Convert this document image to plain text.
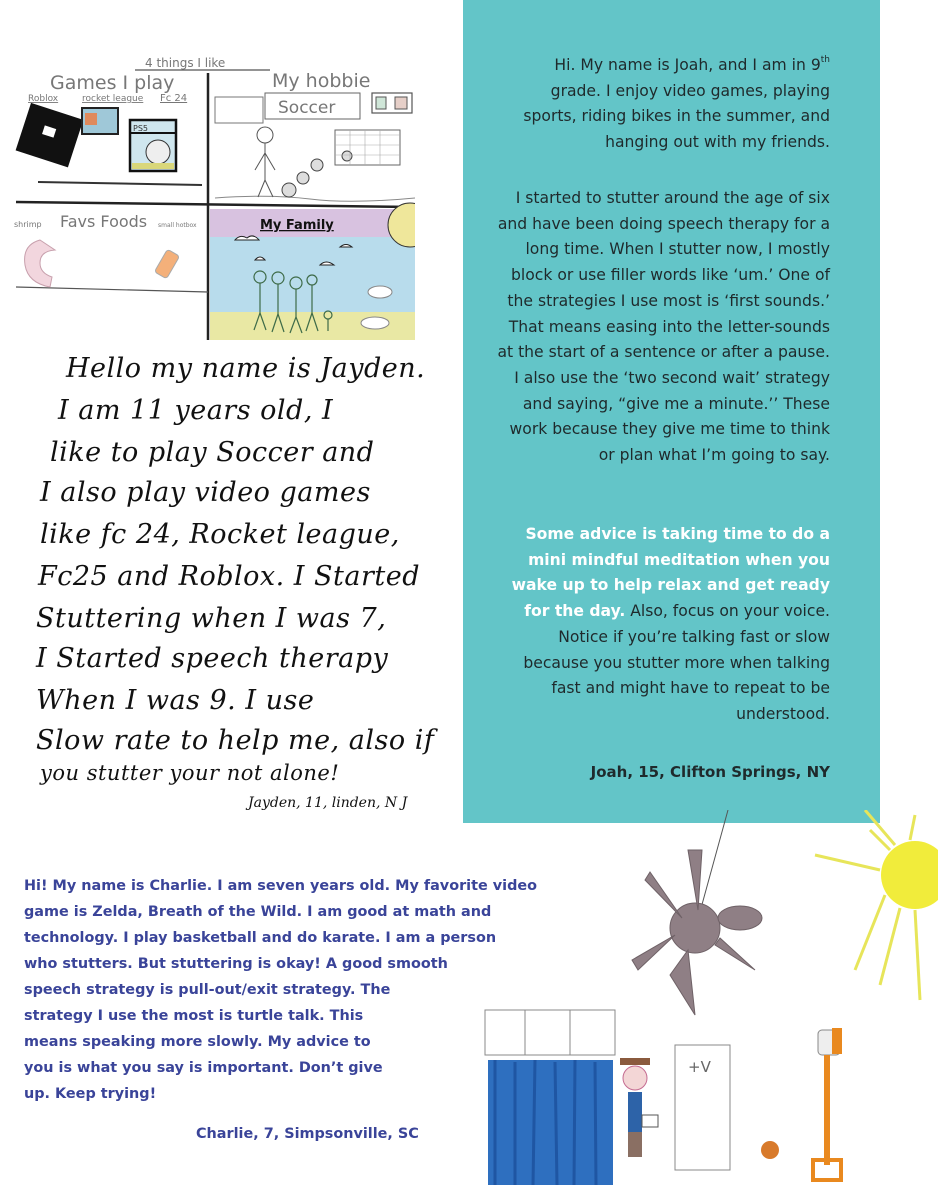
4 things I like
Games I play
Roblox	rocket league Fc 24
PS5
My hobbie
Soccer
shrimp Favs Foods small hotbox	My Family
Hello my name is Jayden.
I am 11 years old, I
like to play Soccer and
I also play video games
like fc 24, Rocket league,
Fc25 and Roblox. I Started
Stuttering when I was 7,
I Started speech therapy
When I was 9. I use
Slow rate to help me, also if
you stutter your not alone!
Jayden, 11, linden, N J
Hi. My name is Joah, and I am in 9th grade. I enjoy video games, playing sports, riding bikes in the summer, and hanging out with my friends.
I started to stutter around the age of six and have been doing speech therapy for a long time. When I stutter now, I mostly block or use filler words like ‘um.’ One of the strategies I use most is ‘first sounds.’ That means easing into the letter-sounds at the start of a sentence or after a pause. I also use the ‘two second wait’ strategy and saying, “give me a minute.’’ These work because they give me time to think or plan what I’m going to say.
Some advice is taking time to do a mini mindful meditation when you wake up to help relax and get ready for the day. Also, focus on your voice. Notice if you’re talking fast or slow because you stutter more when talking fast and might have to repeat to be understood.
Joah, 15, Clifton Springs, NY
Hi! My name is Charlie. I am seven years old. My favorite video
game is Zelda, Breath of the Wild. I am good at math and
technology. I play basketball and do karate. I am a person
who stutters. But stuttering is okay! A good smooth
speech strategy is pull-out/exit strategy. The
strategy I use the most is turtle talk. This
means speaking more slowly. My advice to
you is what you say is important. Don’t give
up. Keep trying!
Charlie, 7, Simpsonville, SC
+V
